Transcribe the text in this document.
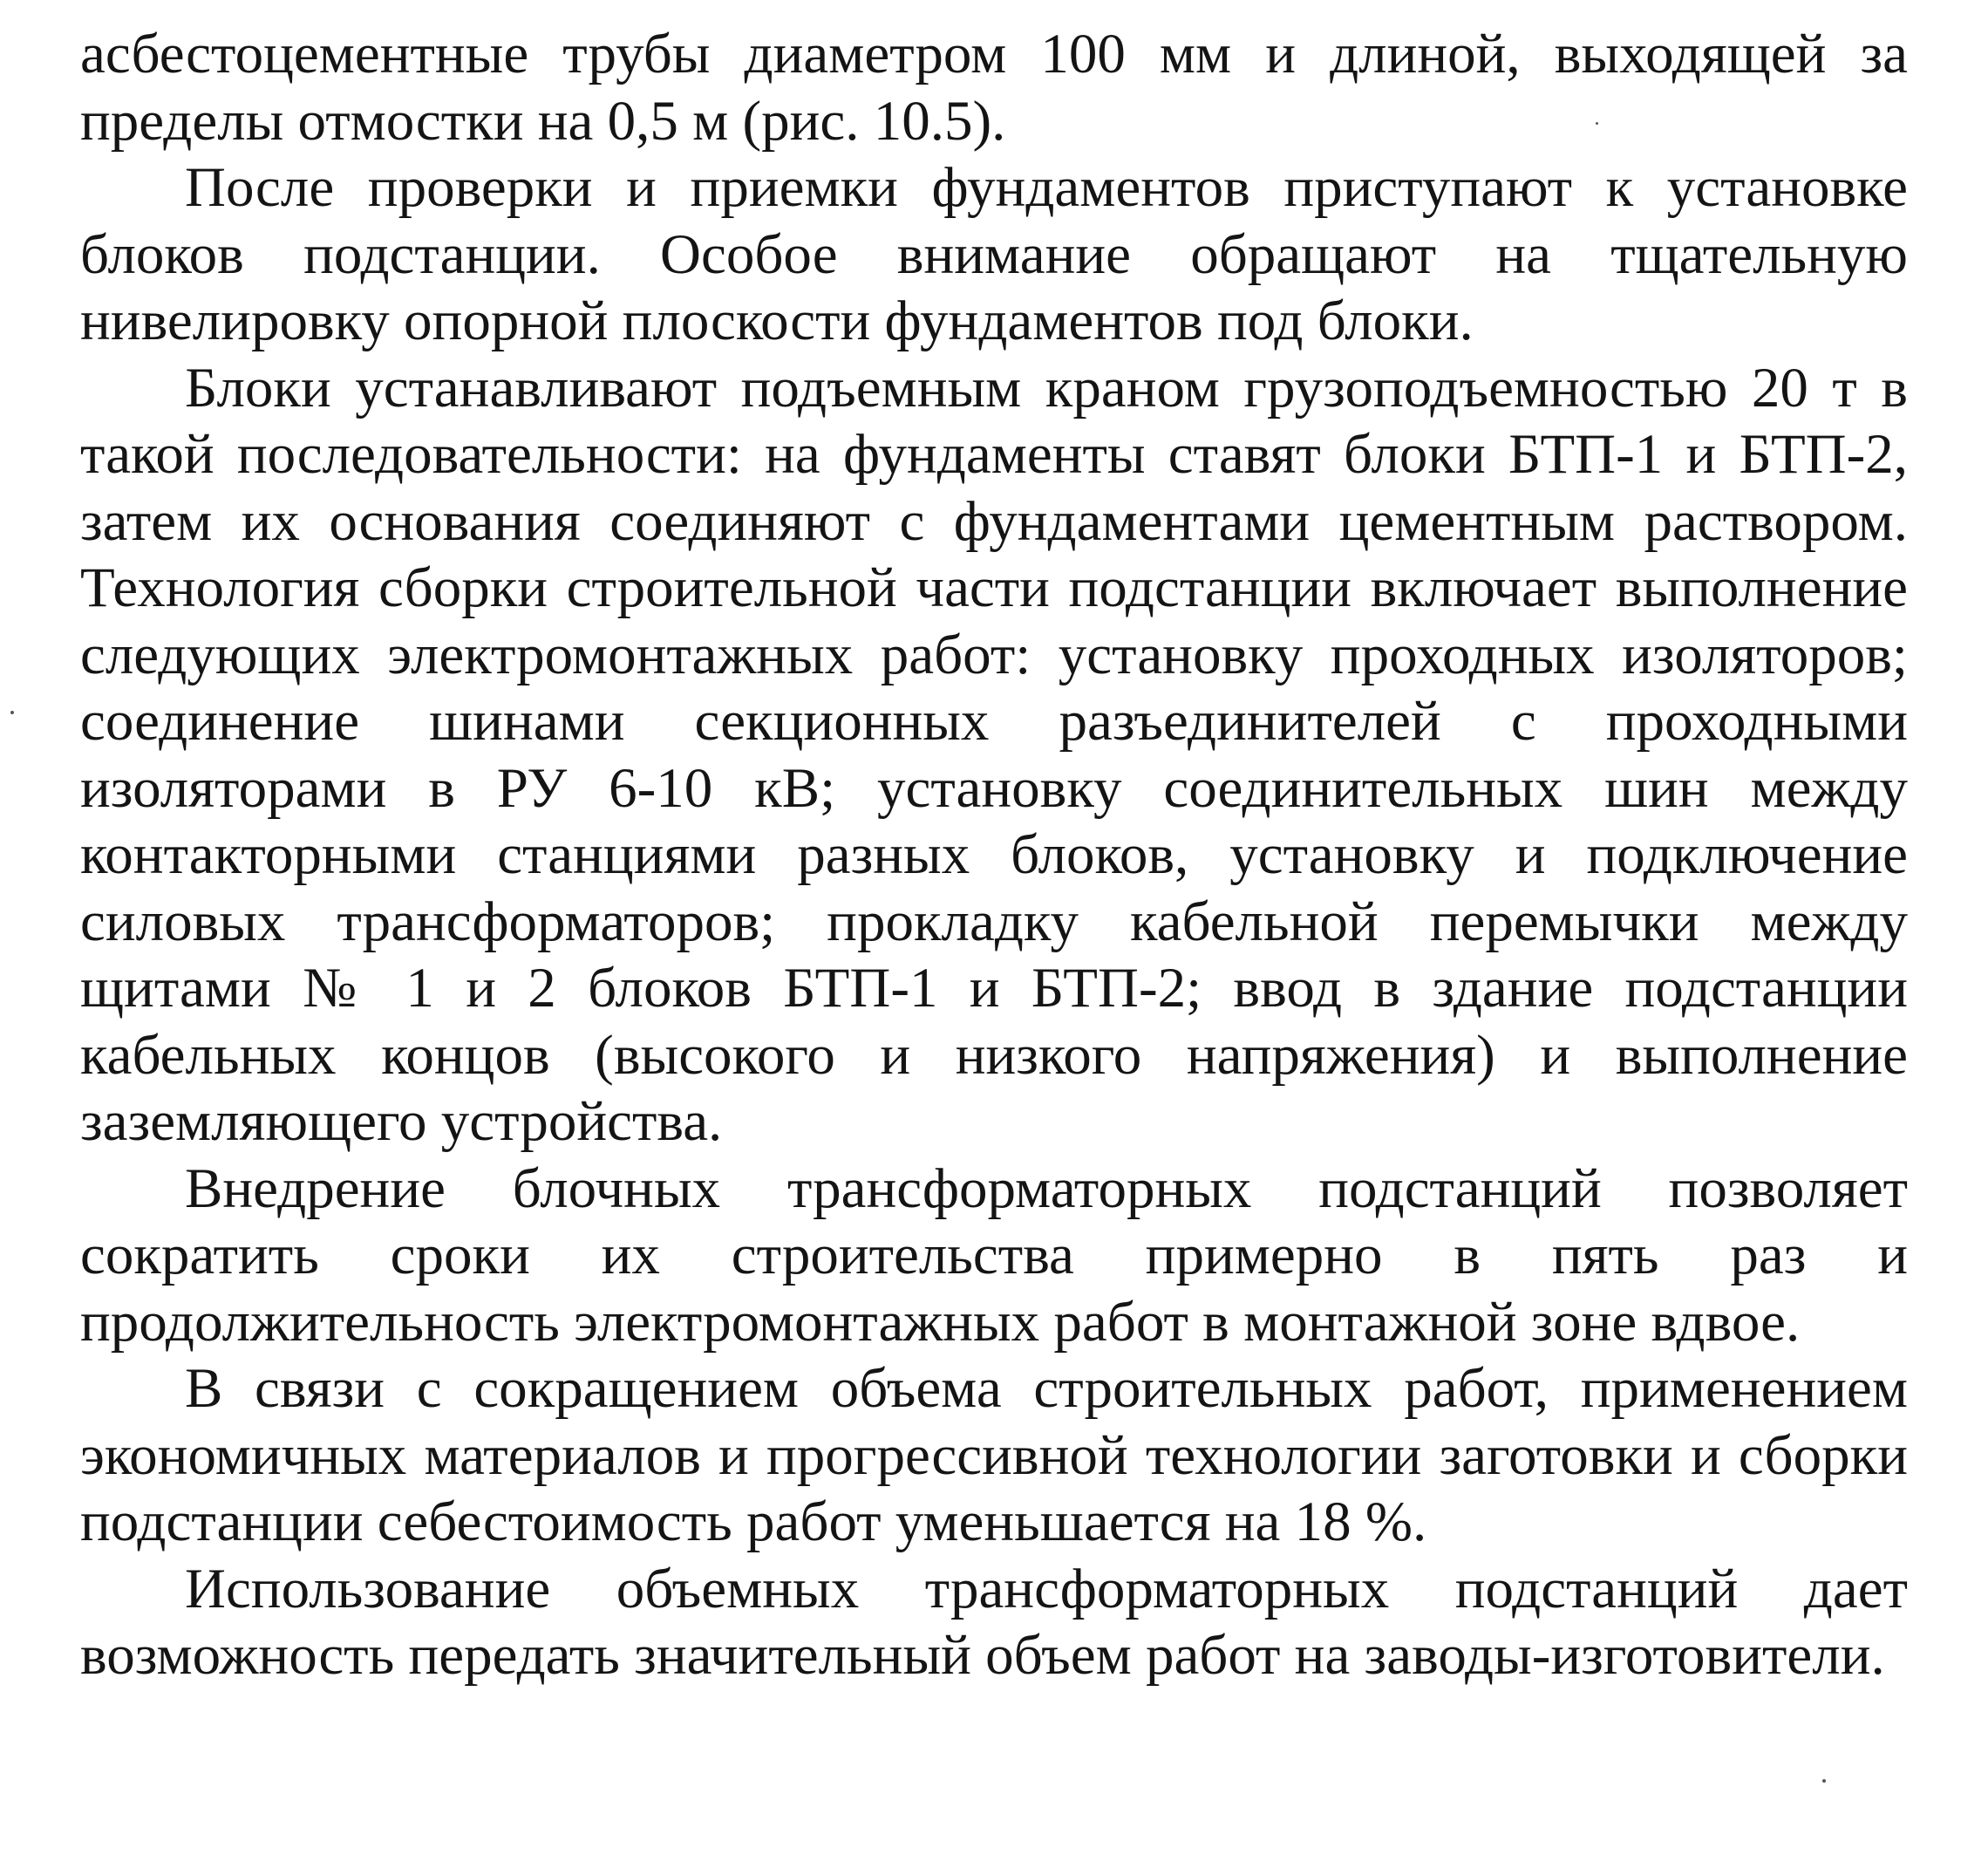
асбестоцементные трубы диаметром 100 мм и длиной, выходящей за пределы отмостки на 0,5 м (рис. 10.5).

После проверки и приемки фундаментов приступают к установке блоков подстанции. Особое внимание обращают на тщательную нивелировку опорной плоскости фундаментов под блоки.

Блоки устанавливают подъемным краном грузоподъемностью 20 т в такой последовательности: на фундаменты ставят блоки БТП-1 и БТП-2, затем их основания соединяют с фундаментами цементным раствором. Технология сборки строительной части подстанции включает выполнение следующих электромонтажных работ: установку проходных изоляторов; соединение шинами секционных разъединителей с проходными изоляторами в РУ 6-10 кВ; установку соединительных шин между контакторными станциями разных блоков, установку и подключение силовых трансформаторов; прокладку кабельной перемычки между щитами № 1 и 2 блоков БТП-1 и БТП-2; ввод в здание подстанции кабельных концов (высокого и низкого напряжения) и выполнение заземляющего устройства.

Внедрение блочных трансформаторных подстанций позволяет сократить сроки их строительства примерно в пять раз и продолжительность электромонтажных работ в монтажной зоне вдвое.

В связи с сокращением объема строительных работ, применением экономичных материалов и прогрессивной технологии заготовки и сборки подстанции себестоимость работ уменьшается на 18 %.

Использование объемных трансформаторных подстанций дает возможность передать значительный объем работ на заводы-изготовители.
